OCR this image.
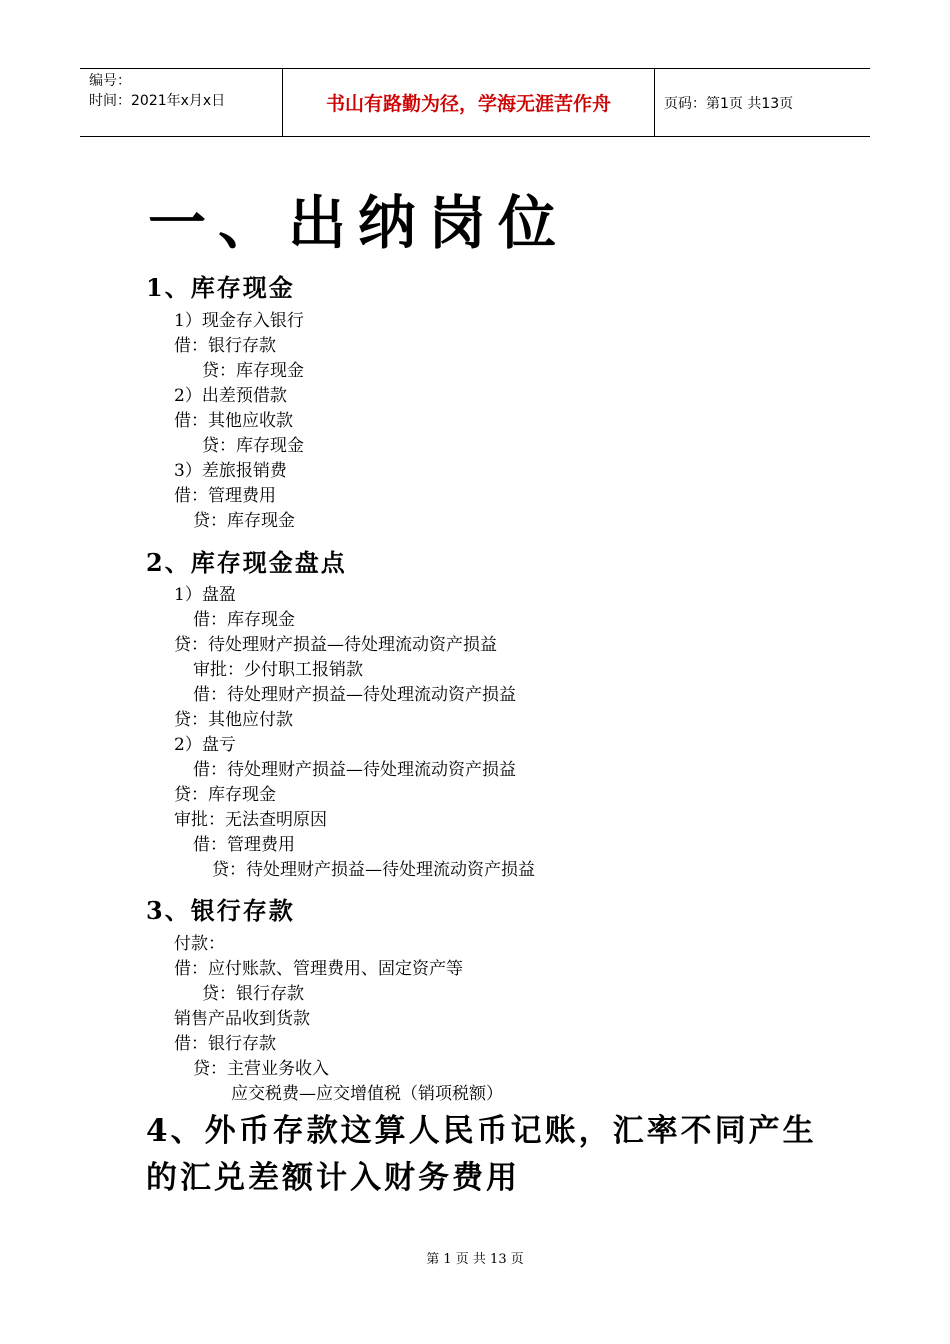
编号：
时间：2021年x月x日	书山有路勤为径，学海无涯苦作舟	页码：第1页 共13页
一、出纳岗位
1、库存现金
1）现金存入银行
借：银行存款
贷：库存现金
2）出差预借款
借：其他应收款
贷：库存现金
3）差旅报销费
借：管理费用
贷：库存现金
2、库存现金盘点
1）盘盈
借：库存现金
贷：待处理财产损益—待处理流动资产损益
审批：少付职工报销款
借：待处理财产损益—待处理流动资产损益
贷：其他应付款
2）盘亏
借：待处理财产损益—待处理流动资产损益
贷：库存现金
审批：无法查明原因
借：管理费用
贷：待处理财产损益—待处理流动资产损益
3、银行存款
付款：
借：应付账款、管理费用、固定资产等
贷：银行存款
销售产品收到货款
借：银行存款
贷：主营业务收入
应交税费—应交增值税（销项税额）
4、外币存款这算人民币记账，汇率不同产生的汇兑差额计入财务费用
第 1 页 共 13 页
